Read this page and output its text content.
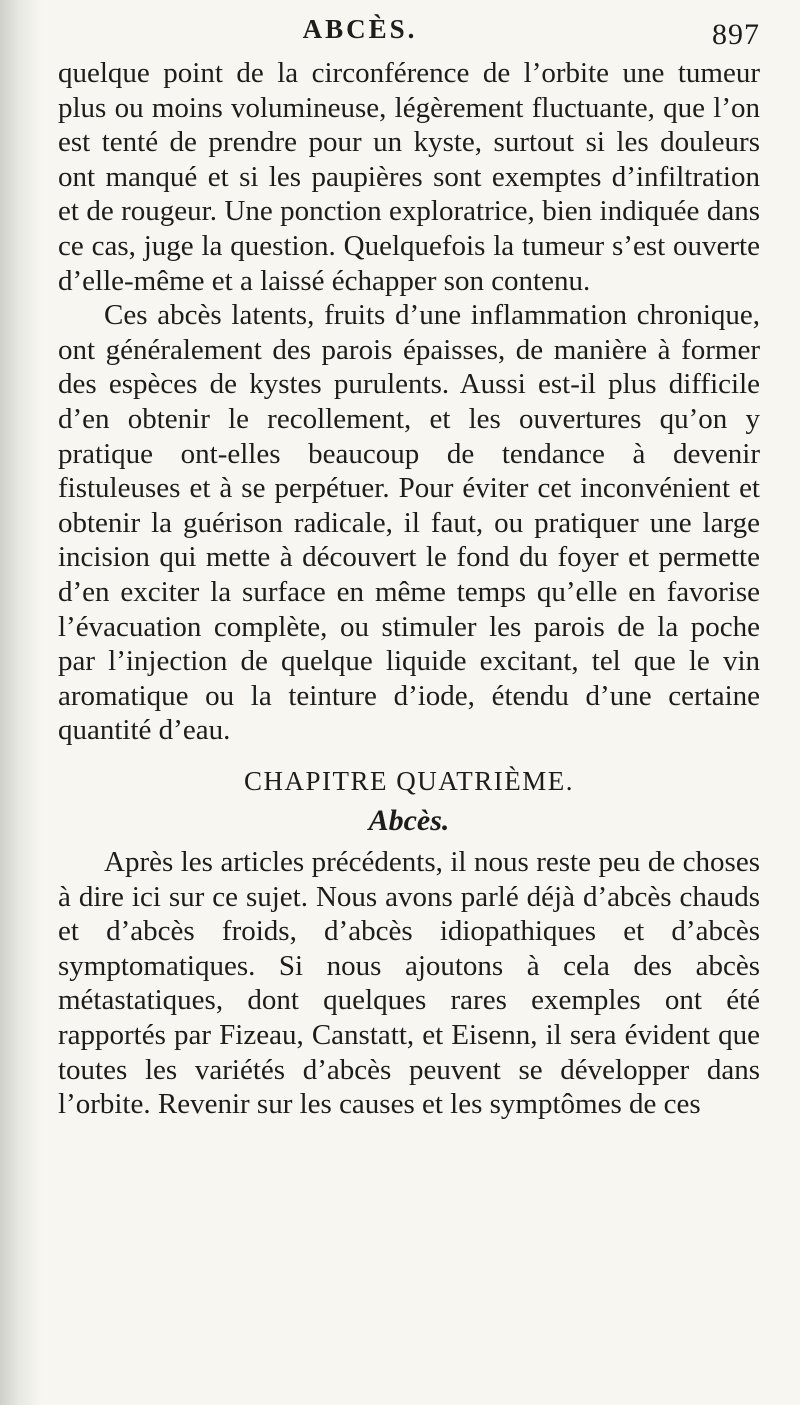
ABCÈS.	897

quelque point de la circonférence de l’orbite une tumeur plus ou moins volumineuse, légèrement fluctuante, que l’on est tenté de prendre pour un kyste, surtout si les douleurs ont manqué et si les paupières sont exemptes d’infiltration et de rougeur. Une ponction exploratrice, bien indiquée dans ce cas, juge la question. Quelquefois la tumeur s’est ouverte d’elle-même et a laissé échapper son contenu.

Ces abcès latents, fruits d’une inflammation chronique, ont généralement des parois épaisses, de manière à former des espèces de kystes purulents. Aussi est-il plus difficile d’en obtenir le recollement, et les ouvertures qu’on y pratique ont-elles beaucoup de tendance à devenir fistuleuses et à se perpétuer. Pour éviter cet inconvénient et obtenir la guérison radicale, il faut, ou pratiquer une large incision qui mette à découvert le fond du foyer et permette d’en exciter la surface en même temps qu’elle en favorise l’évacuation complète, ou stimuler les parois de la poche par l’injection de quelque liquide excitant, tel que le vin aromatique ou la teinture d’iode, étendu d’une certaine quantité d’eau.

CHAPITRE QUATRIÈME.
Abcès.

Après les articles précédents, il nous reste peu de choses à dire ici sur ce sujet. Nous avons parlé déjà d’abcès chauds et d’abcès froids, d’abcès idiopathiques et d’abcès symptomatiques. Si nous ajoutons à cela des abcès métastatiques, dont quelques rares exemples ont été rapportés par Fizeau, Canstatt, et Eisenn, il sera évident que toutes les variétés d’abcès peuvent se développer dans l’orbite. Revenir sur les causes et les symptômes de ces
